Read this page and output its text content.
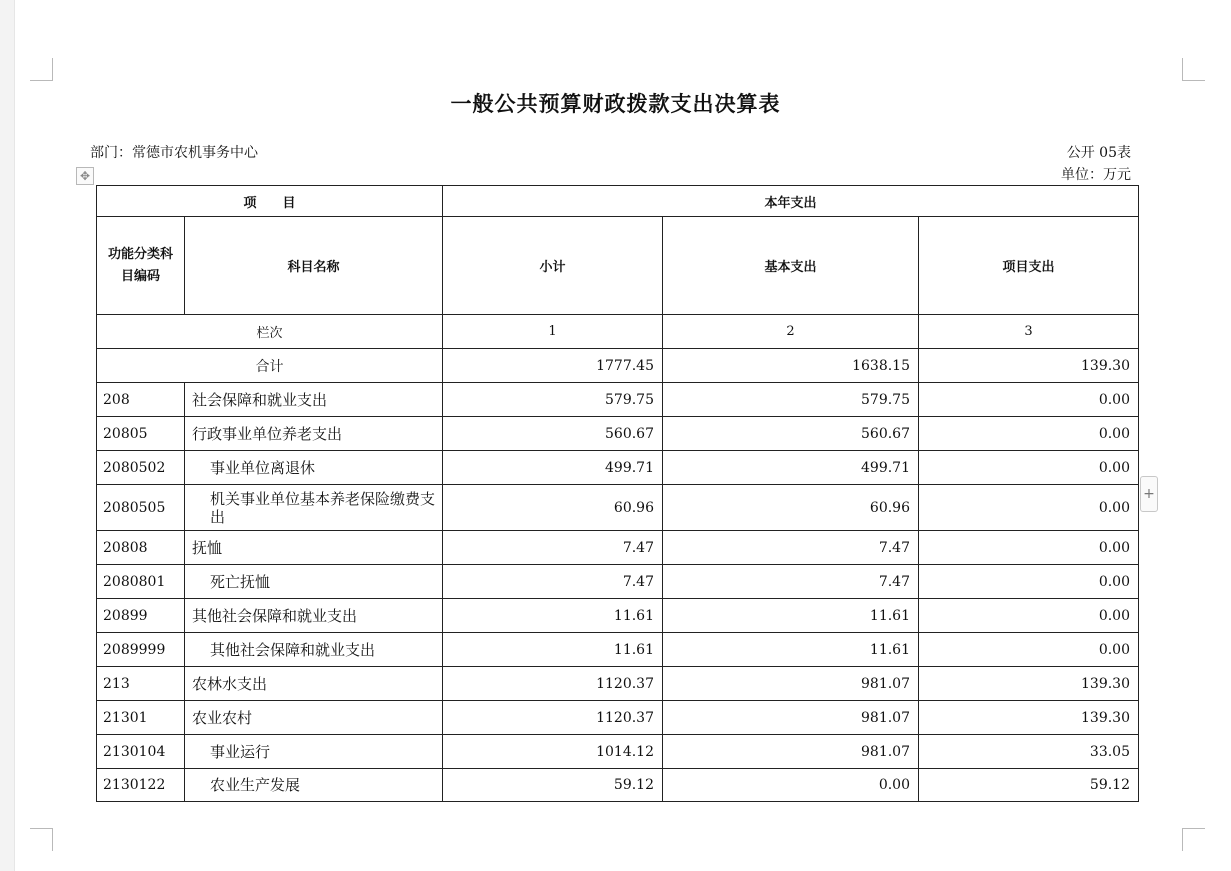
一般公共预算财政拨款支出决算表
部门：常德市农机事务中心	公开 05表
单位：万元
✥
+
项　　目		本年支出		
功能分类科目编码	科目名称	小计	基本支出	项目支出
栏次		1	2	3
合计		1777.45	1638.15	139.30
208	社会保障和就业支出	579.75	579.75	0.00
20805	行政事业单位养老支出	560.67	560.67	0.00
2080502	事业单位离退休	499.71	499.71	0.00
2080505	机关事业单位基本养老保险缴费支出	60.96	60.96	0.00
20808	抚恤	7.47	7.47	0.00
2080801	死亡抚恤	7.47	7.47	0.00
20899	其他社会保障和就业支出	11.61	11.61	0.00
2089999	其他社会保障和就业支出	11.61	11.61	0.00
213	农林水支出	1120.37	981.07	139.30
21301	农业农村	1120.37	981.07	139.30
2130104	事业运行	1014.12	981.07	33.05
2130122	农业生产发展	59.12	0.00	59.12
